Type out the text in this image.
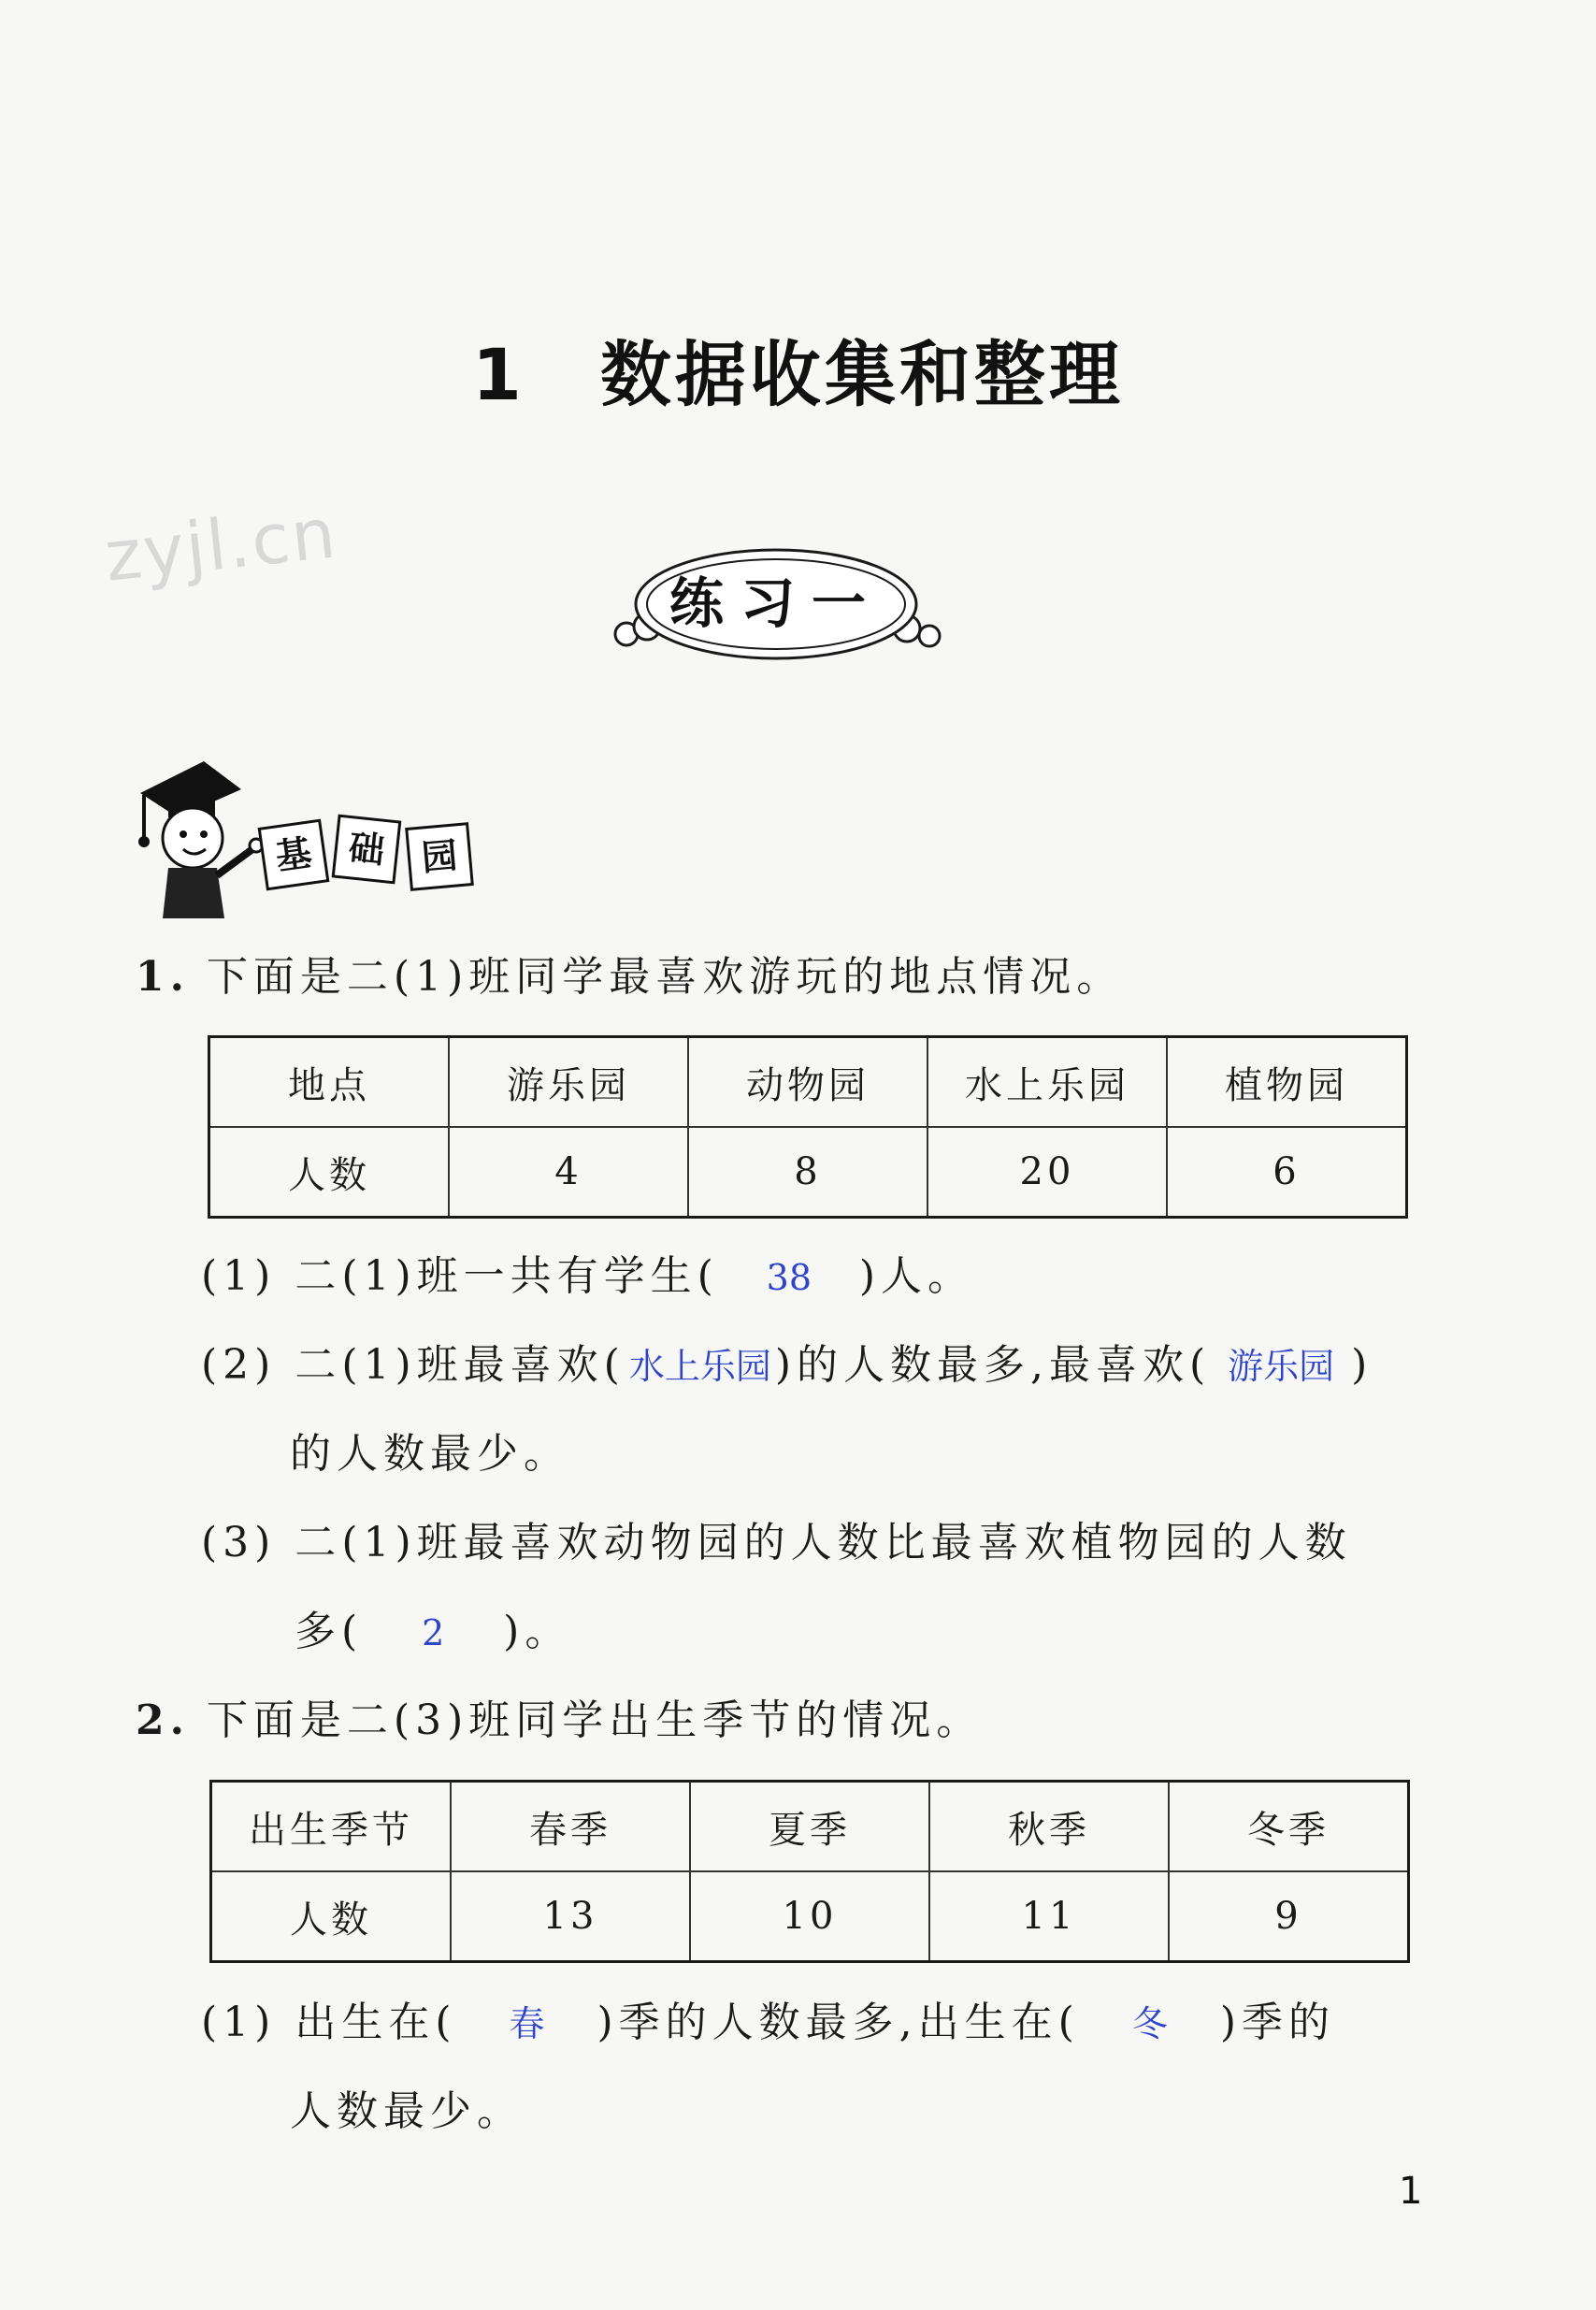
1 数据收集和整理
zyjl.cn
练习一
基 础 园
1. 下面是二(1)班同学最喜欢游玩的地点情况。
地点	游乐园	动物园	水上乐园	植物园
人数	4	8	20	6
(1) 二(1)班一共有学生( 38 )人。
(2) 二(1)班最喜欢( 水上乐园)的人数最多,最喜欢( 游乐园 )
的人数最少。
(3) 二(1)班最喜欢动物园的人数比最喜欢植物园的人数
多( 2 )。
2. 下面是二(3)班同学出生季节的情况。
出生季节	春季	夏季	秋季	冬季
人数	13	10	11	9
(1) 出生在( 春 )季的人数最多,出生在( 冬 )季的
人数最少。
1
